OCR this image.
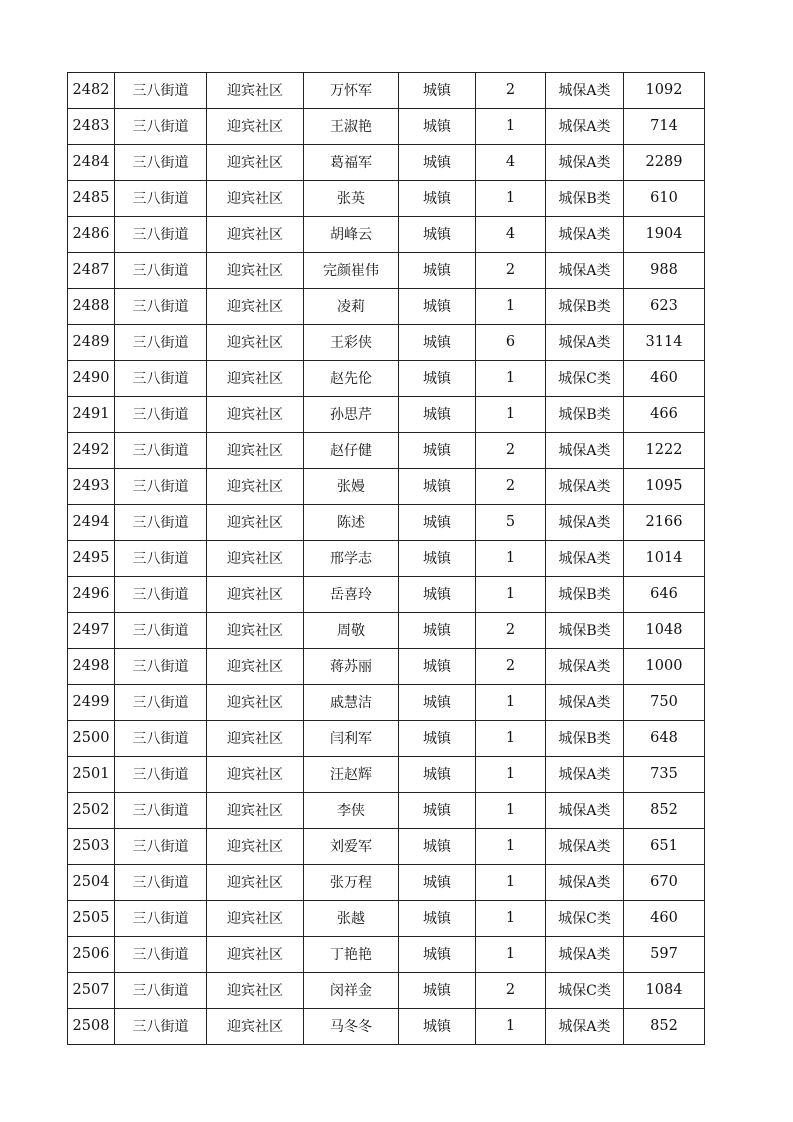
2482	三八街道	迎宾社区	万怀军	城镇	2	城保A类	1092
2483	三八街道	迎宾社区	王淑艳	城镇	1	城保A类	714
2484	三八街道	迎宾社区	葛福军	城镇	4	城保A类	2289
2485	三八街道	迎宾社区	张英	城镇	1	城保B类	610
2486	三八街道	迎宾社区	胡峰云	城镇	4	城保A类	1904
2487	三八街道	迎宾社区	完颜崔伟	城镇	2	城保A类	988
2488	三八街道	迎宾社区	凌莉	城镇	1	城保B类	623
2489	三八街道	迎宾社区	王彩侠	城镇	6	城保A类	3114
2490	三八街道	迎宾社区	赵先伦	城镇	1	城保C类	460
2491	三八街道	迎宾社区	孙思芹	城镇	1	城保B类	466
2492	三八街道	迎宾社区	赵仔健	城镇	2	城保A类	1222
2493	三八街道	迎宾社区	张嫚	城镇	2	城保A类	1095
2494	三八街道	迎宾社区	陈述	城镇	5	城保A类	2166
2495	三八街道	迎宾社区	邢学志	城镇	1	城保A类	1014
2496	三八街道	迎宾社区	岳喜玲	城镇	1	城保B类	646
2497	三八街道	迎宾社区	周敬	城镇	2	城保B类	1048
2498	三八街道	迎宾社区	蒋苏丽	城镇	2	城保A类	1000
2499	三八街道	迎宾社区	戚慧洁	城镇	1	城保A类	750
2500	三八街道	迎宾社区	闫利军	城镇	1	城保B类	648
2501	三八街道	迎宾社区	汪赵辉	城镇	1	城保A类	735
2502	三八街道	迎宾社区	李侠	城镇	1	城保A类	852
2503	三八街道	迎宾社区	刘爱军	城镇	1	城保A类	651
2504	三八街道	迎宾社区	张万程	城镇	1	城保A类	670
2505	三八街道	迎宾社区	张越	城镇	1	城保C类	460
2506	三八街道	迎宾社区	丁艳艳	城镇	1	城保A类	597
2507	三八街道	迎宾社区	闵祥金	城镇	2	城保C类	1084
2508	三八街道	迎宾社区	马冬冬	城镇	1	城保A类	852
